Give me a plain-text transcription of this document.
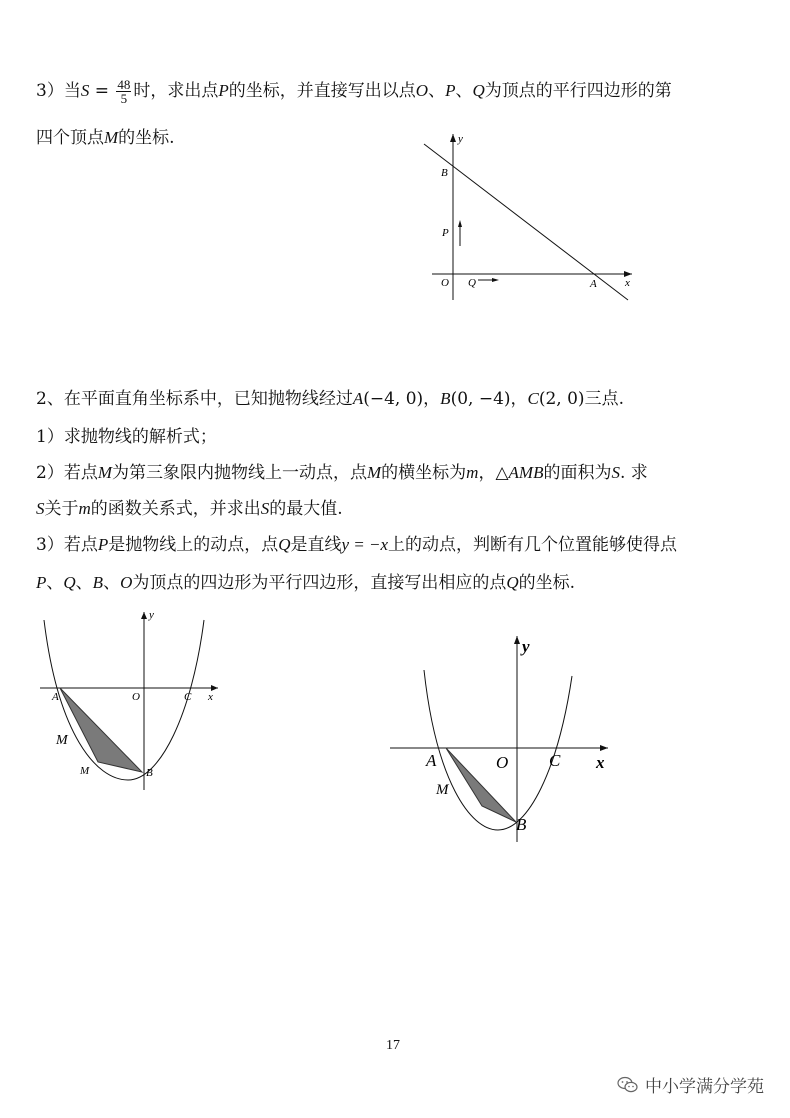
3）当$S = \frac{48}{5}$ 时，求出点P的坐标，并直接写出以点O、P、Q为顶点的平行四边形的第
四个顶点M的坐标.	y
B
P
O Q	A	x
2、在平面直角坐标系中，已知抛物线经过A(−4, 0)，B(0, −4)，C(2, 0)三点.
1）求抛物线的解析式；
2）若点M为第三象限内抛物线上一动点，点M的横坐标为m，△AMB的面积为S. 求
S关于m的函数关系式，并求出S的最大值.
3）若点P是抛物线上的动点，点Q是直线y = −x上的动点，判断有几个位置能够使得点
P、Q、B、O为顶点的四边形为平行四边形，直接写出相应的点Q的坐标.
y
A	O	C x
M
M	B
y
A	O C x
M
B
17
中小学满分学苑
